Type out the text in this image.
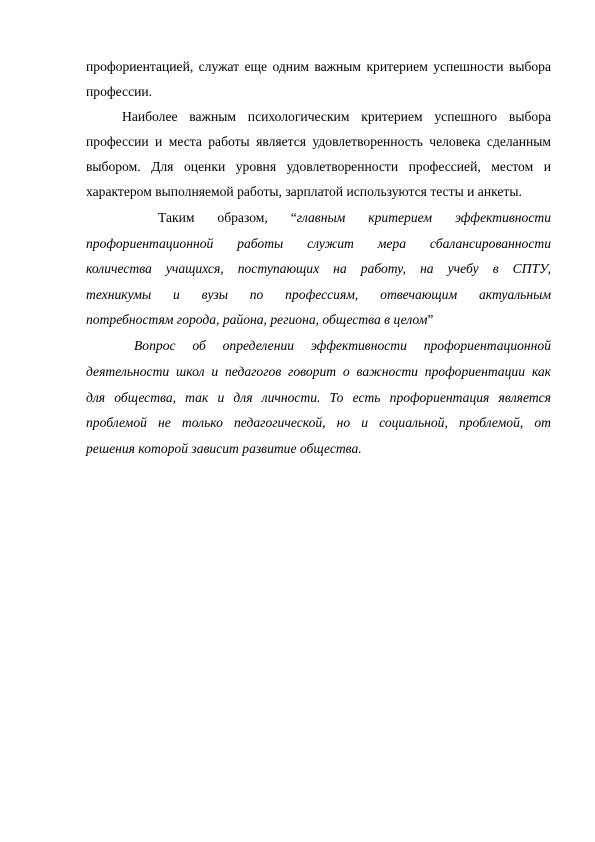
профориентацией, служат еще одним важным критерием успешности выбора

профессии.

Наиболее важным психологическим критерием успешного выбора

профессии и места работы является удовлетворенность человека сделанным

выбором. Для оценки уровня удовлетворенности профессией, местом и

характером выполняемой работы, зарплатой используются тесты и анкеты.

Таким образом, “главным критерием эффективности

профориентационной работы служит мера сбалансированности

количества учащихся, поступающих на работу, на учебу в СПТУ,

техникумы и вузы по профессиям, отвечающим актуальным

потребностям города, района, региона, общества в целом”

Вопрос об определении эффективности профориентационной

деятельности школ и педагогов говорит о важности профориентации как

для общества, так и для личности. То есть профориентация является

проблемой не только педагогической, но и социальной, проблемой, от

решения которой зависит развитие общества.
